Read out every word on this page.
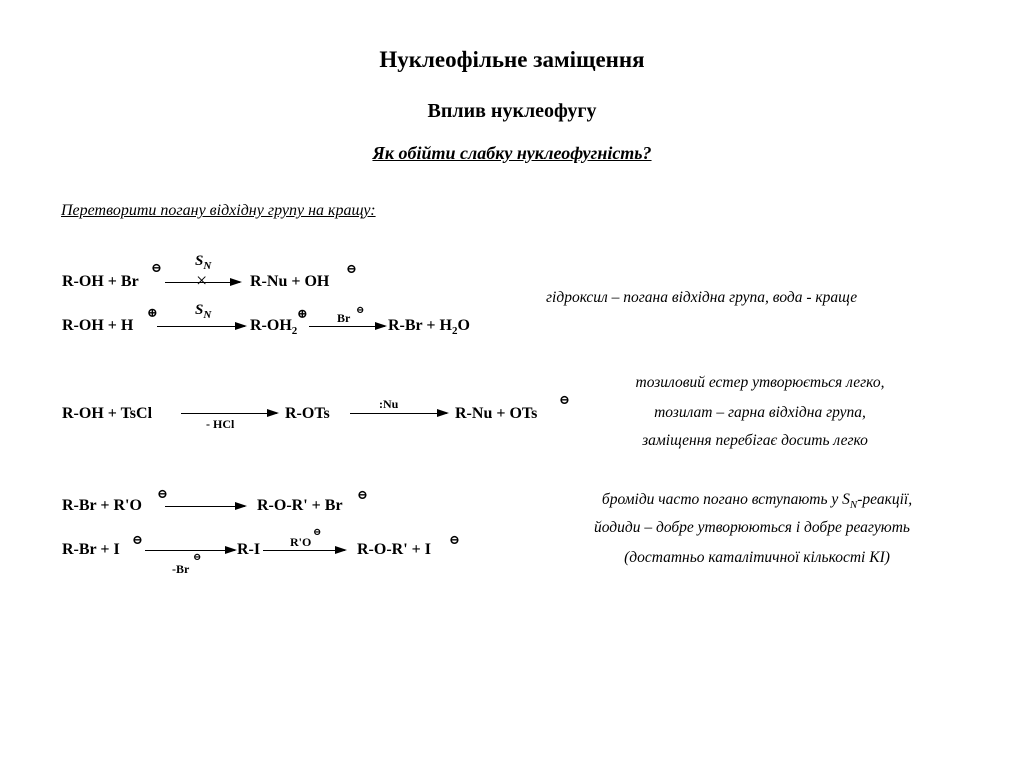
Нуклеофільне заміщення
Вплив нуклеофугу
Як обійти слабку нуклеофугність?
Перетворити погану відхідну групу на кращу:
R-OH + Br
⊖ $S_N$
×	R-Nu + OH
⊖
R-OH + H
⊕ $S_N$
$R-OH_2$
⊕ Br
⊖
$R-Br + H_2O$
гідроксил – погана відхідна група, вода - краще
R-OH + TsCl
- HCl
R-OTs
:Nu
R-Nu + OTs
⊖
тозиловий естер утворюється легко,
тозилат – гарна відхідна група,
заміщення перебігає досить легко
R-Br + R'O
⊖
R-O-R' + Br
⊖
R-Br + I
⊖
-Br
⊖ R-I R'O
⊖
R-O-R' + I
⊖
броміди часто погано вступають у $S_N$-реакції,
йодиди – добре утворюються і добре реагують
(достатньо каталітичної кількості KI)
